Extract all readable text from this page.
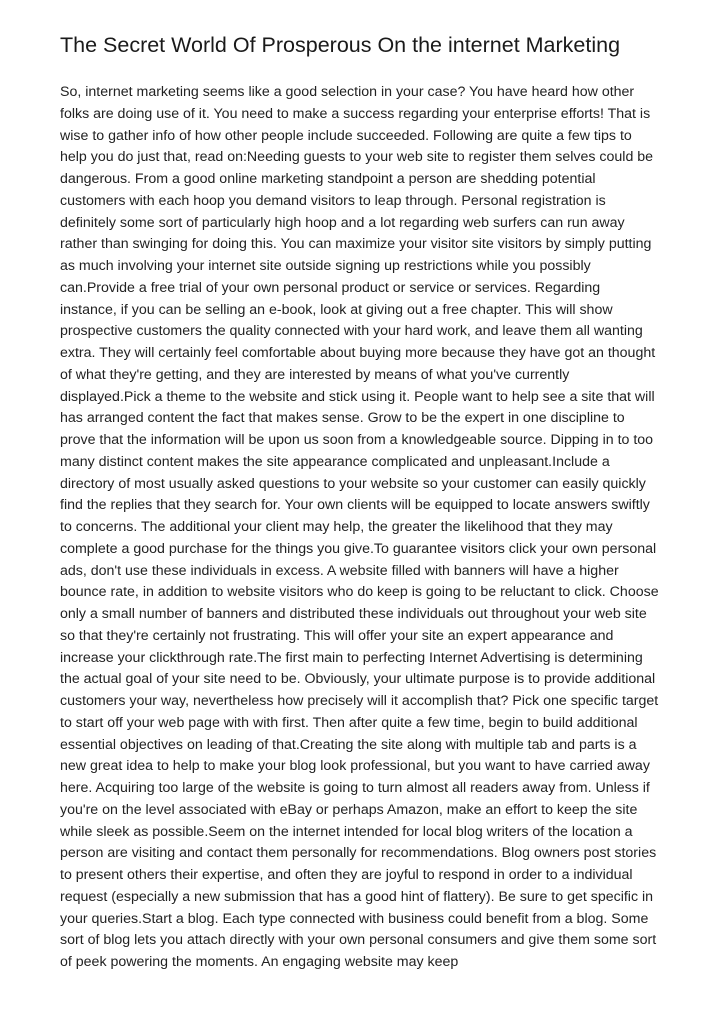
The Secret World Of Prosperous On the internet Marketing

So, internet marketing seems like a good selection in your case? You have heard how other folks are doing use of it. You need to make a success regarding your enterprise efforts! That is wise to gather info of how other people include succeeded. Following are quite a few tips to help you do just that, read on:Needing guests to your web site to register them selves could be dangerous. From a good online marketing standpoint a person are shedding potential customers with each hoop you demand visitors to leap through. Personal registration is definitely some sort of particularly high hoop and a lot regarding web surfers can run away rather than swinging for doing this. You can maximize your visitor site visitors by simply putting as much involving your internet site outside signing up restrictions while you possibly can.Provide a free trial of your own personal product or service or services. Regarding instance, if you can be selling an e-book, look at giving out a free chapter. This will show prospective customers the quality connected with your hard work, and leave them all wanting extra. They will certainly feel comfortable about buying more because they have got an thought of what they're getting, and they are interested by means of what you've currently displayed.Pick a theme to the website and stick using it. People want to help see a site that will has arranged content the fact that makes sense. Grow to be the expert in one discipline to prove that the information will be upon us soon from a knowledgeable source. Dipping in to too many distinct content makes the site appearance complicated and unpleasant.Include a directory of most usually asked questions to your website so your customer can easily quickly find the replies that they search for. Your own clients will be equipped to locate answers swiftly to concerns. The additional your client may help, the greater the likelihood that they may complete a good purchase for the things you give.To guarantee visitors click your own personal ads, don't use these individuals in excess. A website filled with banners will have a higher bounce rate, in addition to website visitors who do keep is going to be reluctant to click. Choose only a small number of banners and distributed these individuals out throughout your web site so that they're certainly not frustrating. This will offer your site an expert appearance and increase your clickthrough rate.The first main to perfecting Internet Advertising is determining the actual goal of your site need to be. Obviously, your ultimate purpose is to provide additional customers your way, nevertheless how precisely will it accomplish that? Pick one specific target to start off your web page with with first. Then after quite a few time, begin to build additional essential objectives on leading of that.Creating the site along with multiple tab and parts is a new great idea to help to make your blog look professional, but you want to have carried away here. Acquiring too large of the website is going to turn almost all readers away from. Unless if you're on the level associated with eBay or perhaps Amazon, make an effort to keep the site while sleek as possible.Seem on the internet intended for local blog writers of the location a person are visiting and contact them personally for recommendations. Blog owners post stories to present others their expertise, and often they are joyful to respond in order to a individual request (especially a new submission that has a good hint of flattery). Be sure to get specific in your queries.Start a blog. Each type connected with business could benefit from a blog. Some sort of blog lets you attach directly with your own personal consumers and give them some sort of peek powering the moments. An engaging website may keep
